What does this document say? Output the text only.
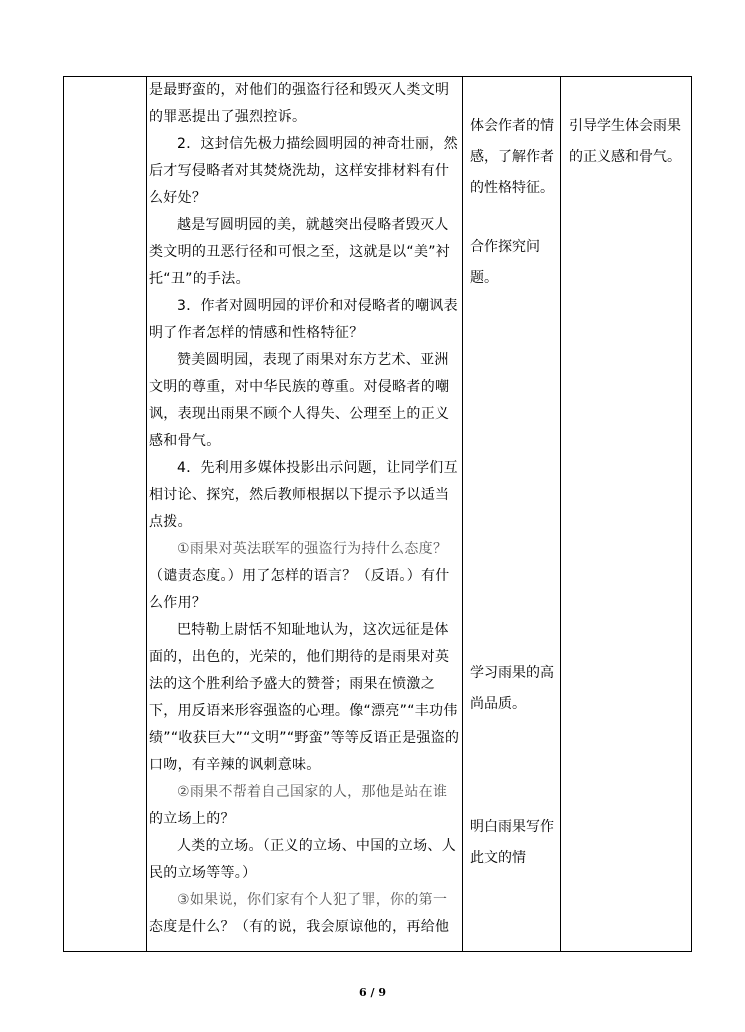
是最野蛮的，对他们的强盗行径和毁灭人类文明

的罪恶提出了强烈控诉。

2．这封信先极力描绘圆明园的神奇壮丽，然后才写侵略者对其焚烧洗劫，这样安排材料有什么好处？

越是写圆明园的美，就越突出侵略者毁灭人类文明的丑恶行径和可恨之至，这就是以“美”衬托“丑”的手法。

3．作者对圆明园的评价和对侵略者的嘲讽表明了作者怎样的情感和性格特征？

赞美圆明园，表现了雨果对东方艺术、亚洲文明的尊重，对中华民族的尊重。对侵略者的嘲讽，表现出雨果不顾个人得失、公理至上的正义感和骨气。

4．先利用多媒体投影出示问题，让同学们互相讨论、探究，然后教师根据以下提示予以适当点拨。

①雨果对英法联军的强盗行为持什么态度？

（谴责态度。）用了怎样的语言？（反语。）有什么作用？

巴特勒上尉恬不知耻地认为，这次远征是体面的，出色的，光荣的，他们期待的是雨果对英法的这个胜利给予盛大的赞誉；雨果在愤激之下，用反语来形容强盗的心理。像“漂亮”“丰功伟绩”“收获巨大”“文明”“野蛮”等等反语正是强盗的口吻，有辛辣的讽刺意味。

②雨果不帮着自己国家的人，那他是站在谁

的立场上的？

人类的立场。（正义的立场、中国的立场、人民的立场等等。）

③如果说，你们家有个人犯了罪，你的第一

态度是什么？（有的说，我会原谅他的，再给他

体会作者的情感，了解作者的性格特征。
合作探究问题。
学习雨果的高尚品质。
明白雨果写作此文的情
引导学生体会雨果的正义感和骨气。
6 / 9
